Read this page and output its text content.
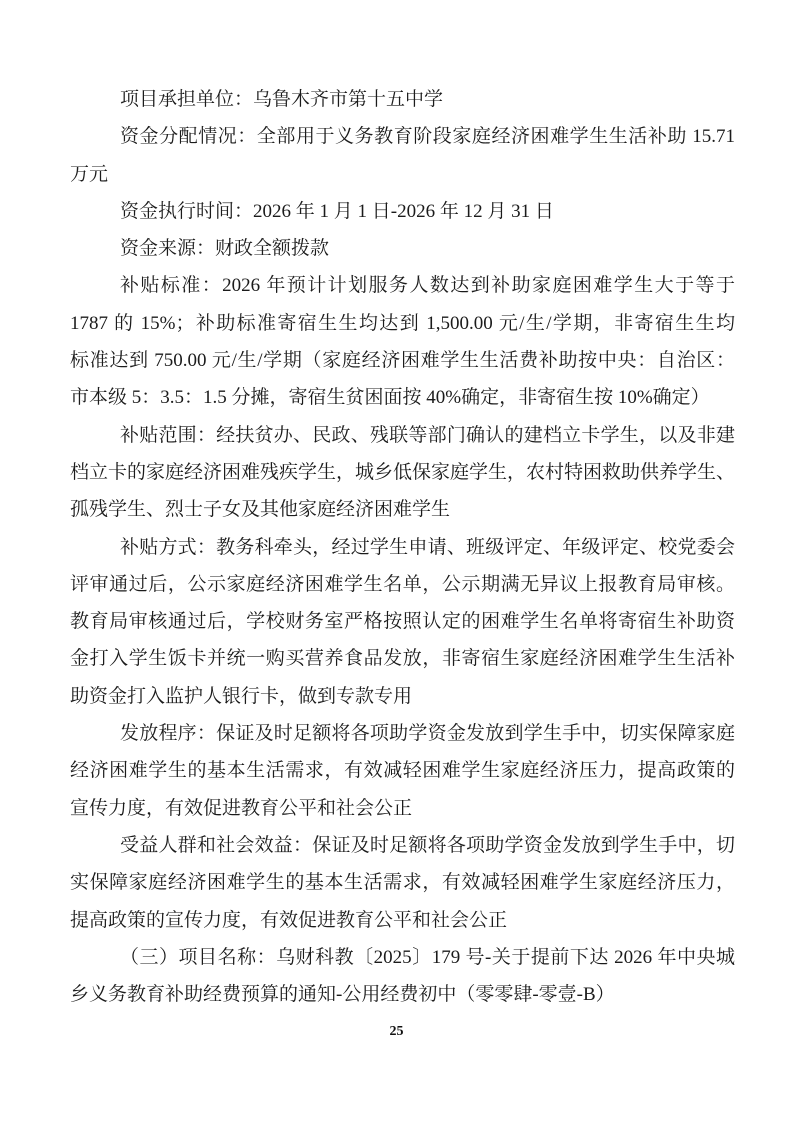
项目承担单位：乌鲁木齐市第十五中学
资金分配情况：全部用于义务教育阶段家庭经济困难学生生活补助 15.71
万元
资金执行时间：2026 年 1 月 1 日-2026 年 12 月 31 日
资金来源：财政全额拨款
补贴标准：2026 年预计计划服务人数达到补助家庭困难学生大于等于
1787 的 15%；补助标准寄宿生生均达到 1,500.00 元/生/学期，非寄宿生生均
标准达到 750.00 元/生/学期（家庭经济困难学生生活费补助按中央：自治区：
市本级 5：3.5：1.5 分摊，寄宿生贫困面按 40%确定，非寄宿生按 10%确定）
补贴范围：经扶贫办、民政、残联等部门确认的建档立卡学生，以及非建
档立卡的家庭经济困难残疾学生，城乡低保家庭学生，农村特困救助供养学生、
孤残学生、烈士子女及其他家庭经济困难学生
补贴方式：教务科牵头，经过学生申请、班级评定、年级评定、校党委会
评审通过后，公示家庭经济困难学生名单，公示期满无异议上报教育局审核。
教育局审核通过后，学校财务室严格按照认定的困难学生名单将寄宿生补助资
金打入学生饭卡并统一购买营养食品发放，非寄宿生家庭经济困难学生生活补
助资金打入监护人银行卡，做到专款专用
发放程序：保证及时足额将各项助学资金发放到学生手中，切实保障家庭
经济困难学生的基本生活需求，有效减轻困难学生家庭经济压力，提高政策的
宣传力度，有效促进教育公平和社会公正
受益人群和社会效益：保证及时足额将各项助学资金发放到学生手中，切
实保障家庭经济困难学生的基本生活需求，有效减轻困难学生家庭经济压力，
提高政策的宣传力度，有效促进教育公平和社会公正
（三）项目名称：乌财科教〔2025〕179 号-关于提前下达 2026 年中央城
乡义务教育补助经费预算的通知-公用经费初中（零零肆-零壹-B）
25
